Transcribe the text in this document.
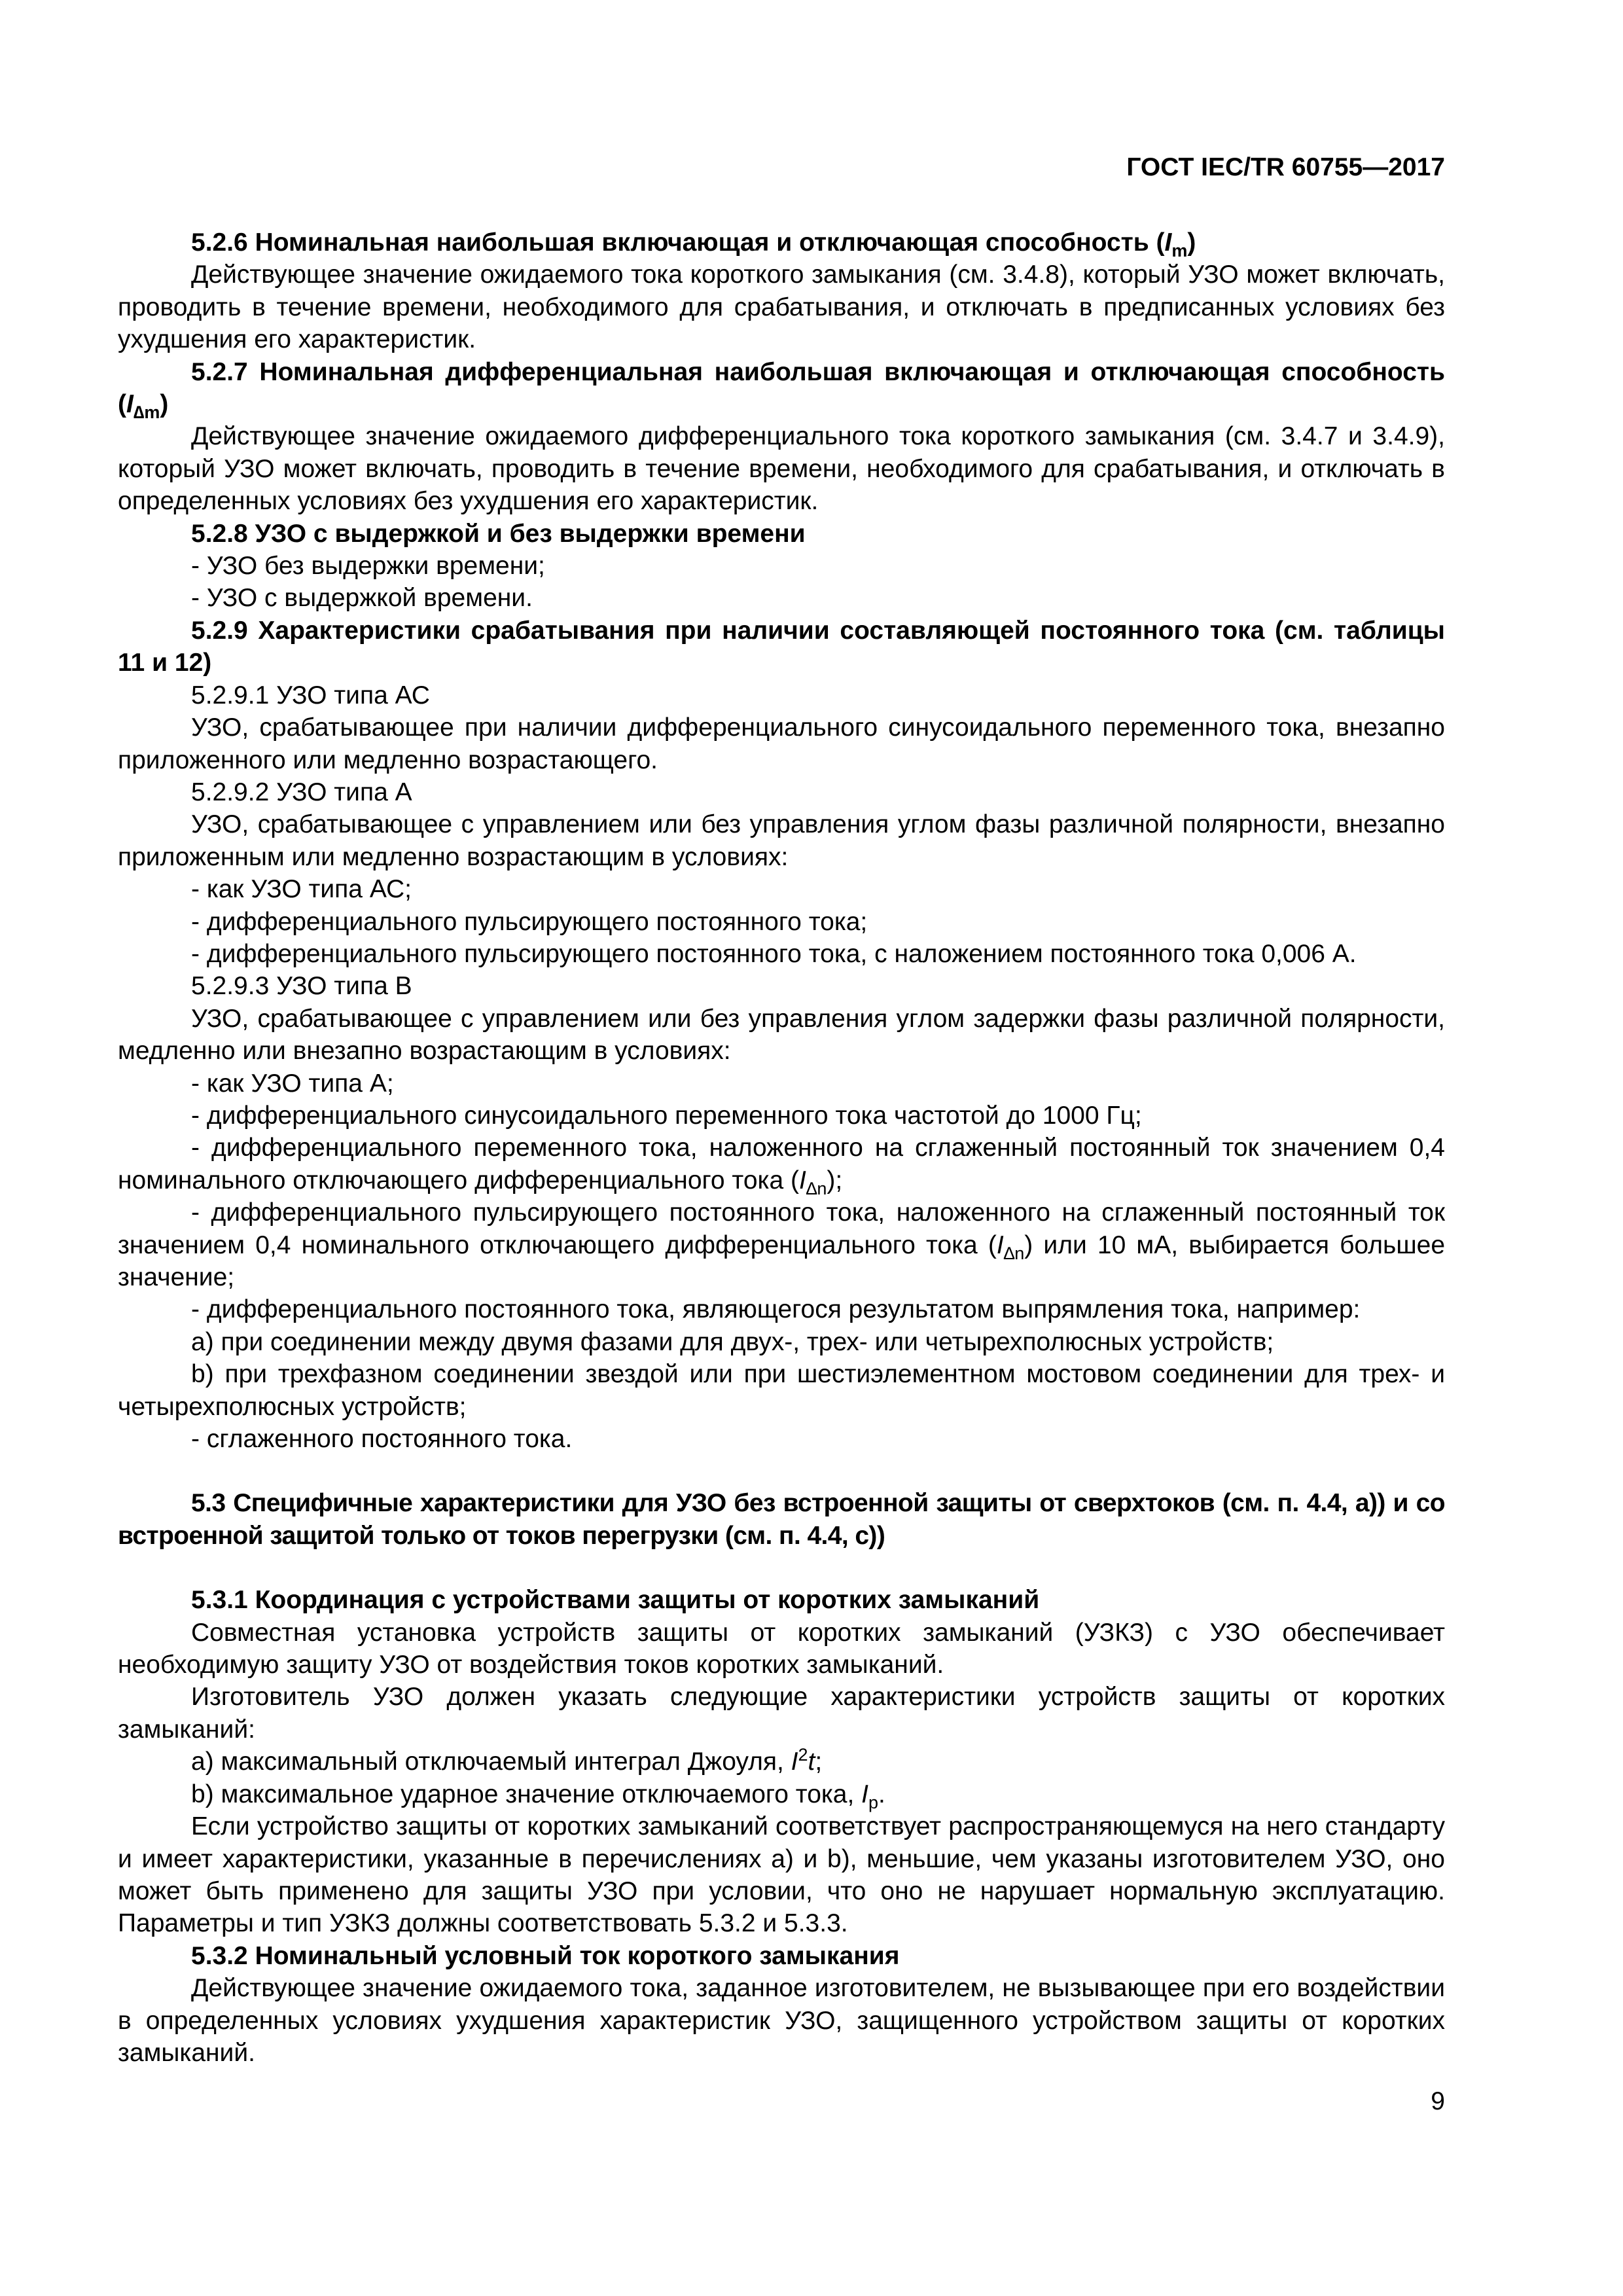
ГОСТ IEC/TR 60755—2017

5.2.6 Номинальная наибольшая включающая и отключающая способность $(I_m)$

Действующее значение ожидаемого тока короткого замыкания (см. 3.4.8), который УЗО может включать, проводить в течение времени, необходимого для срабатывания, и отключать в предписанных условиях без ухудшения его характеристик.

5.2.7 Номинальная дифференциальная наибольшая включающая и отключающая способность $(I_{\Delta m})$

Действующее значение ожидаемого дифференциального тока короткого замыкания (см. 3.4.7 и 3.4.9), который УЗО может включать, проводить в течение времени, необходимого для срабатывания, и отключать в определенных условиях без ухудшения его характеристик.

5.2.8 УЗО с выдержкой и без выдержки времени

- УЗО без выдержки времени;

- УЗО с выдержкой времени.

5.2.9 Характеристики срабатывания при наличии составляющей постоянного тока (см. таблицы 11 и 12)

5.2.9.1 УЗО типа АС

УЗО, срабатывающее при наличии дифференциального синусоидального переменного тока, внезапно приложенного или медленно возрастающего.

5.2.9.2 УЗО типа А

УЗО, срабатывающее с управлением или без управления углом фазы различной полярности, внезапно приложенным или медленно возрастающим в условиях:

- как УЗО типа АС;

- дифференциального пульсирующего постоянного тока;

- дифференциального пульсирующего постоянного тока, с наложением постоянного тока 0,006 А.

5.2.9.3 УЗО типа В

УЗО, срабатывающее с управлением или без управления углом задержки фазы различной полярности, медленно или внезапно возрастающим в условиях:

- как УЗО типа А;

- дифференциального синусоидального переменного тока частотой до 1000 Гц;

- дифференциального переменного тока, наложенного на сглаженный постоянный ток значением 0,4 номинального отключающего дифференциального тока $(I_{\Delta n})$;

- дифференциального пульсирующего постоянного тока, наложенного на сглаженный постоянный ток значением 0,4 номинального отключающего дифференциального тока $(I_{\Delta n})$ или 10 мА, выбирается большее значение;

- дифференциального постоянного тока, являющегося результатом выпрямления тока, например:

а) при соединении между двумя фазами для двух-, трех- или четырехполюсных устройств;

b) при трехфазном соединении звездой или при шестиэлементном мостовом соединении для трех- и четырехполюсных устройств;

- сглаженного постоянного тока.

5.3 Специфичные характеристики для УЗО без встроенной защиты от сверхтоков (см. п. 4.4, а)) и со встроенной защитой только от токов перегрузки (см. п. 4.4, с))

5.3.1 Координация с устройствами защиты от коротких замыканий

Совместная установка устройств защиты от коротких замыканий (УЗКЗ) с УЗО обеспечивает необходимую защиту УЗО от воздействия токов коротких замыканий.

Изготовитель УЗО должен указать следующие характеристики устройств защиты от коротких замыканий:

а) максимальный отключаемый интеграл Джоуля, $I^2t$;

b) максимальное ударное значение отключаемого тока, $I_p$.

Если устройство защиты от коротких замыканий соответствует распространяющемуся на него стандарту и имеет характеристики, указанные в перечислениях а) и b), меньшие, чем указаны изготовителем УЗО, оно может быть применено для защиты УЗО при условии, что оно не нарушает нормальную эксплуатацию. Параметры и тип УЗКЗ должны соответствовать 5.3.2 и 5.3.3.

5.3.2 Номинальный условный ток короткого замыкания

Действующее значение ожидаемого тока, заданное изготовителем, не вызывающее при его воздействии в определенных условиях ухудшения характеристик УЗО, защищенного устройством защиты от коротких замыканий.

9
